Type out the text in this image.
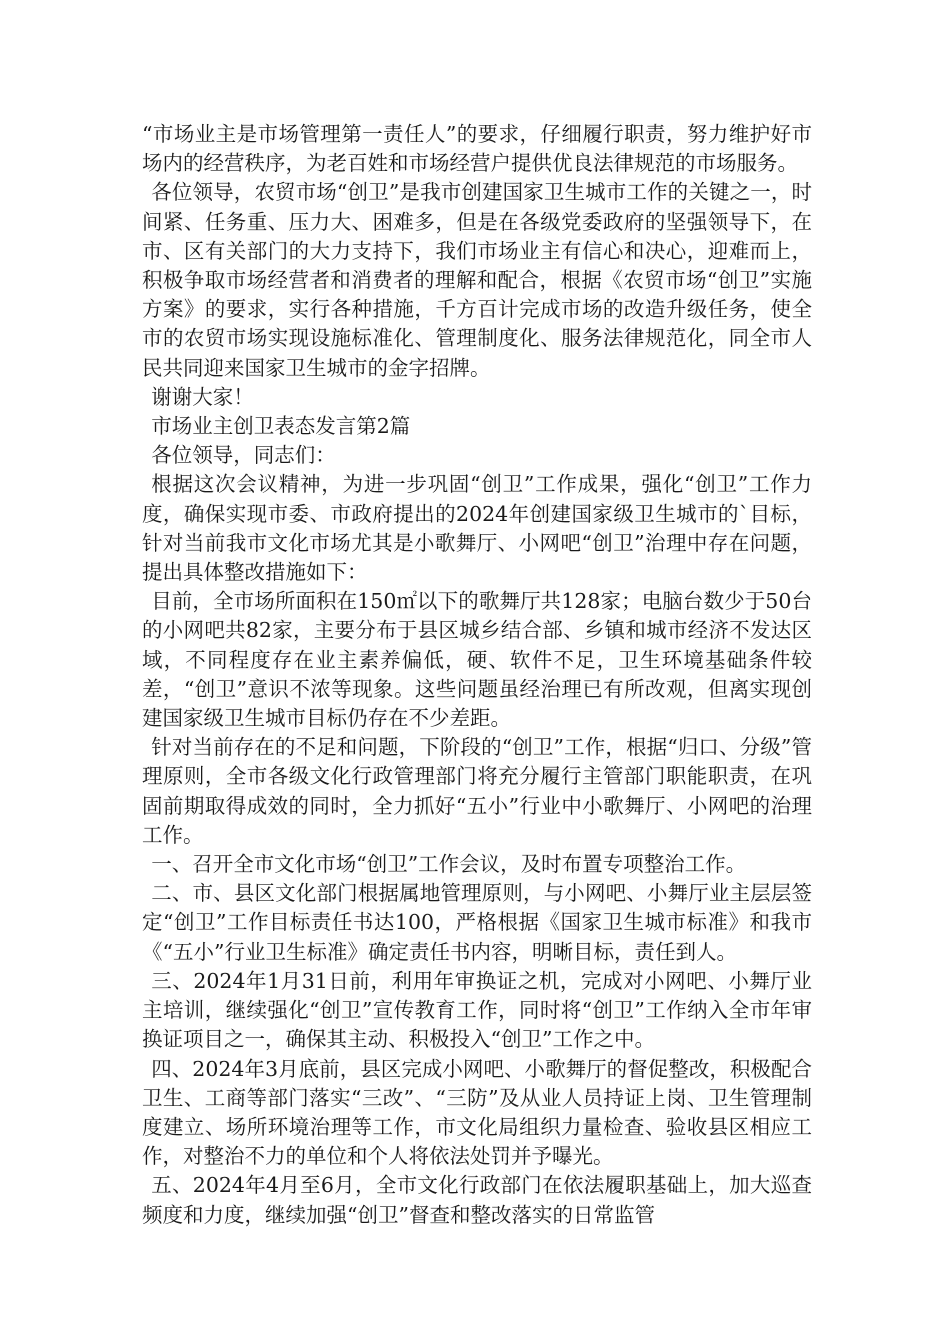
“市场业主是市场管理第一责任人”的要求，仔细履行职责，努力维护好市场内的经营秩序，为老百姓和市场经营户提供优良法律规范的市场服务。

各位领导，农贸市场“创卫”是我市创建国家卫生城市工作的关键之一，时间紧、任务重、压力大、困难多，但是在各级党委政府的坚强领导下，在市、区有关部门的大力支持下，我们市场业主有信心和决心，迎难而上，积极争取市场经营者和消费者的理解和配合，根据《农贸市场“创卫”实施方案》的要求，实行各种措施，千方百计完成市场的改造升级任务，使全市的农贸市场实现设施标准化、管理制度化、服务法律规范化，同全市人民共同迎来国家卫生城市的金字招牌。

谢谢大家！

市场业主创卫表态发言第2篇

各位领导，同志们：

根据这次会议精神，为进一步巩固“创卫”工作成果，强化“创卫”工作力度，确保实现市委、市政府提出的2024年创建国家级卫生城市的`目标，针对当前我市文化市场尤其是小歌舞厅、小网吧“创卫”治理中存在问题，提出具体整改措施如下：

目前，全市场所面积在150㎡以下的歌舞厅共128家；电脑台数少于50台的小网吧共82家，主要分布于县区城乡结合部、乡镇和城市经济不发达区域，不同程度存在业主素养偏低，硬、软件不足，卫生环境基础条件较差，“创卫”意识不浓等现象。这些问题虽经治理已有所改观，但离实现创建国家级卫生城市目标仍存在不少差距。

针对当前存在的不足和问题，下阶段的“创卫”工作，根据“归口、分级”管理原则，全市各级文化行政管理部门将充分履行主管部门职能职责，在巩固前期取得成效的同时，全力抓好“五小”行业中小歌舞厅、小网吧的治理工作。

一、召开全市文化市场“创卫”工作会议，及时布置专项整治工作。

二、市、县区文化部门根据属地管理原则，与小网吧、小舞厅业主层层签定“创卫”工作目标责任书达100，严格根据《国家卫生城市标准》和我市《“五小”行业卫生标准》确定责任书内容，明晰目标，责任到人。

三、2024年1月31日前，利用年审换证之机，完成对小网吧、小舞厅业主培训，继续强化“创卫”宣传教育工作，同时将“创卫”工作纳入全市年审换证项目之一，确保其主动、积极投入“创卫”工作之中。

四、2024年3月底前，县区完成小网吧、小歌舞厅的督促整改，积极配合卫生、工商等部门落实“三改”、“三防”及从业人员持证上岗、卫生管理制度建立、场所环境治理等工作，市文化局组织力量检查、验收县区相应工作，对整治不力的单位和个人将依法处罚并予曝光。

五、2024年4月至6月，全市文化行政部门在依法履职基础上，加大巡查频度和力度，继续加强“创卫”督查和整改落实的日常监管
